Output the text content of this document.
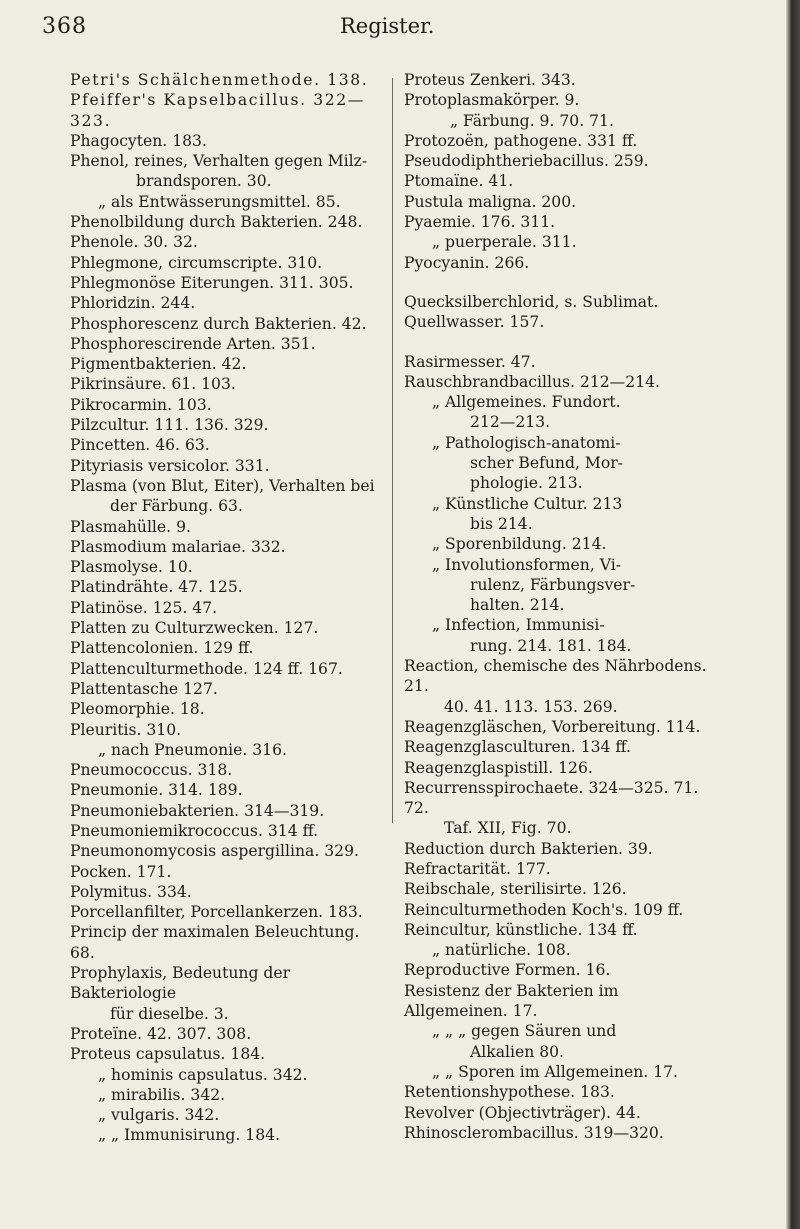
368	Register.

Petri's Schälchenmethode. 138.

Pfeiffer's Kapselbacillus. 322—323.

Phagocyten. 183.

Phenol, reines, Verhalten gegen Milz-

brandsporen. 30.

„ als Entwässerungsmittel. 85.

Phenolbildung durch Bakterien. 248.

Phenole. 30. 32.

Phlegmone, circumscripte. 310.

Phlegmonöse Eiterungen. 311. 305.

Phloridzin. 244.

Phosphorescenz durch Bakterien. 42.

Phosphorescirende Arten. 351.

Pigmentbakterien. 42.

Pikrinsäure. 61. 103.

Pikrocarmin. 103.

Pilzcultur. 111. 136. 329.

Pincetten. 46. 63.

Pityriasis versicolor. 331.

Plasma (von Blut, Eiter), Verhalten bei

der Färbung. 63.

Plasmahülle. 9.

Plasmodium malariae. 332.

Plasmolyse. 10.

Platindrähte. 47. 125.

Platinöse. 125. 47.

Platten zu Culturzwecken. 127.

Plattencolonien. 129 ff.

Plattenculturmethode. 124 ff. 167.

Plattentasche 127.

Pleomorphie. 18.

Pleuritis. 310.

„ nach Pneumonie. 316.

Pneumococcus. 318.

Pneumonie. 314. 189.

Pneumoniebakterien. 314—319.

Pneumoniemikrococcus. 314 ff.

Pneumonomycosis aspergillina. 329.

Pocken. 171.

Polymitus. 334.

Porcellanfilter, Porcellankerzen. 183.

Princip der maximalen Beleuchtung. 68.

Prophylaxis, Bedeutung der Bakteriologie

für dieselbe. 3.

Proteïne. 42. 307. 308.

Proteus capsulatus. 184.

„ hominis capsulatus. 342.

„ mirabilis. 342.

„ vulgaris. 342.

„ „ Immunisirung. 184.

Proteus Zenkeri. 343.

Protoplasmakörper. 9.

„ Färbung. 9. 70. 71.

Protozoën, pathogene. 331 ff.

Pseudodiphtheriebacillus. 259.

Ptomaïne. 41.

Pustula maligna. 200.

Pyaemie. 176. 311.

„ puerperale. 311.

Pyocyanin. 266.

Quecksilberchlorid, s. Sublimat.

Quellwasser. 157.

Rasirmesser. 47.

Rauschbrandbacillus. 212—214.

„ Allgemeines. Fundort.

212—213.

„ Pathologisch-anatomi-

scher Befund, Mor-

phologie. 213.

„ Künstliche Cultur. 213

bis 214.

„ Sporenbildung. 214.

„ Involutionsformen, Vi-

rulenz, Färbungsver-

halten. 214.

„ Infection, Immunisi-

rung. 214. 181. 184.

Reaction, chemische des Nährbodens. 21.

40. 41. 113. 153. 269.

Reagenzgläschen, Vorbereitung. 114.

Reagenzglasculturen. 134 ff.

Reagenzglaspistill. 126.

Recurrensspirochaete. 324—325. 71. 72.

Taf. XII, Fig. 70.

Reduction durch Bakterien. 39.

Refractarität. 177.

Reibschale, sterilisirte. 126.

Reinculturmethoden Koch's. 109 ff.

Reincultur, künstliche. 134 ff.

„ natürliche. 108.

Reproductive Formen. 16.

Resistenz der Bakterien im Allgemeinen. 17.

„ „ „ gegen Säuren und

Alkalien 80.

„ „ Sporen im Allgemeinen. 17.

Retentionshypothese. 183.

Revolver (Objectivträger). 44.

Rhinosclerombacillus. 319—320.
